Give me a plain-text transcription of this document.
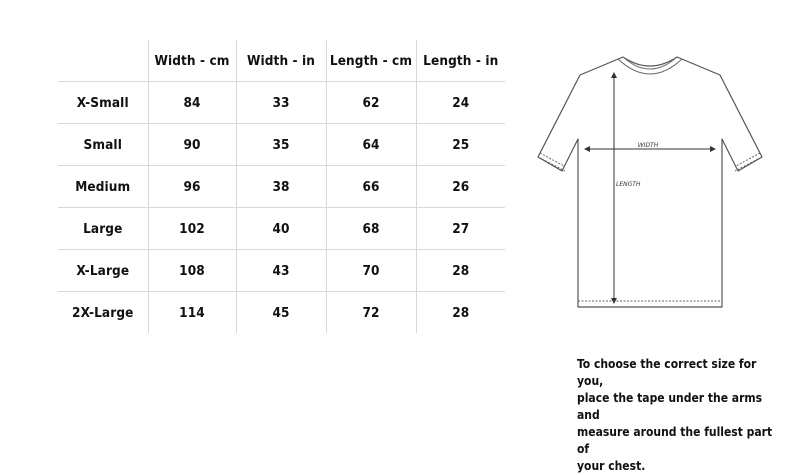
	Width - cm	Width - in	Length - cm	Length - in
X-Small	84	33	62	24
Small	90	35	64	25
Medium	96	38	66	26
Large	102	40	68	27
X-Large	108	43	70	28
2X-Large	114	45	72	28
WIDTH
LENGTH
To choose the correct size for you,
place the tape under the arms and
measure around the fullest part of
your chest.
